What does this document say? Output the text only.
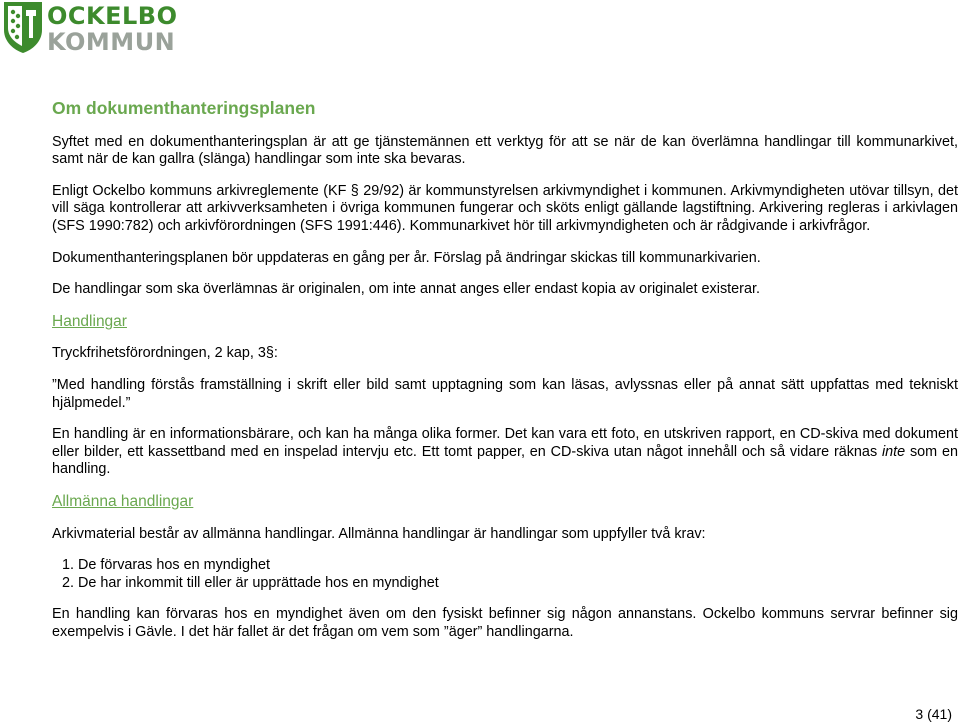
OCKELBO
KOMMUN
Om dokumenthanteringsplanen

Syftet med en dokumenthanteringsplan är att ge tjänstemännen ett verktyg för att se när de kan överlämna handlingar till kommunarkivet, samt när de kan gallra (slänga) handlingar som inte ska bevaras.

Enligt Ockelbo kommuns arkivreglemente (KF § 29/92) är kommunstyrelsen arkivmyndighet i kommunen. Arkivmyndigheten utövar tillsyn, det vill säga kontrollerar att arkivverksamheten i övriga kommunen fungerar och sköts enligt gällande lagstiftning. Arkivering regleras i arkivlagen (SFS 1990:782) och arkivförordningen (SFS 1991:446). Kommunarkivet hör till arkivmyndigheten och är rådgivande i arkivfrågor.

Dokumenthanteringsplanen bör uppdateras en gång per år. Förslag på ändringar skickas till kommunarkivarien.

De handlingar som ska överlämnas är originalen, om inte annat anges eller endast kopia av originalet existerar.

Handlingar

Tryckfrihetsförordningen, 2 kap, 3§:

”Med handling förstås framställning i skrift eller bild samt upptagning som kan läsas, avlyssnas eller på annat sätt uppfattas med tekniskt hjälpmedel.”

En handling är en informationsbärare, och kan ha många olika former. Det kan vara ett foto, en utskriven rapport, en CD-skiva med dokument eller bilder, ett kassettband med en inspelad intervju etc. Ett tomt papper, en CD-skiva utan något innehåll och så vidare räknas inte som en handling.

Allmänna handlingar

Arkivmaterial består av allmänna handlingar. Allmänna handlingar är handlingar som uppfyller två krav:

1. De förvaras hos en myndighet
2. De har inkommit till eller är upprättade hos en myndighet

En handling kan förvaras hos en myndighet även om den fysiskt befinner sig någon annanstans. Ockelbo kommuns servrar befinner sig exempelvis i Gävle. I det här fallet är det frågan om vem som ”äger” handlingarna.

3 (41)
